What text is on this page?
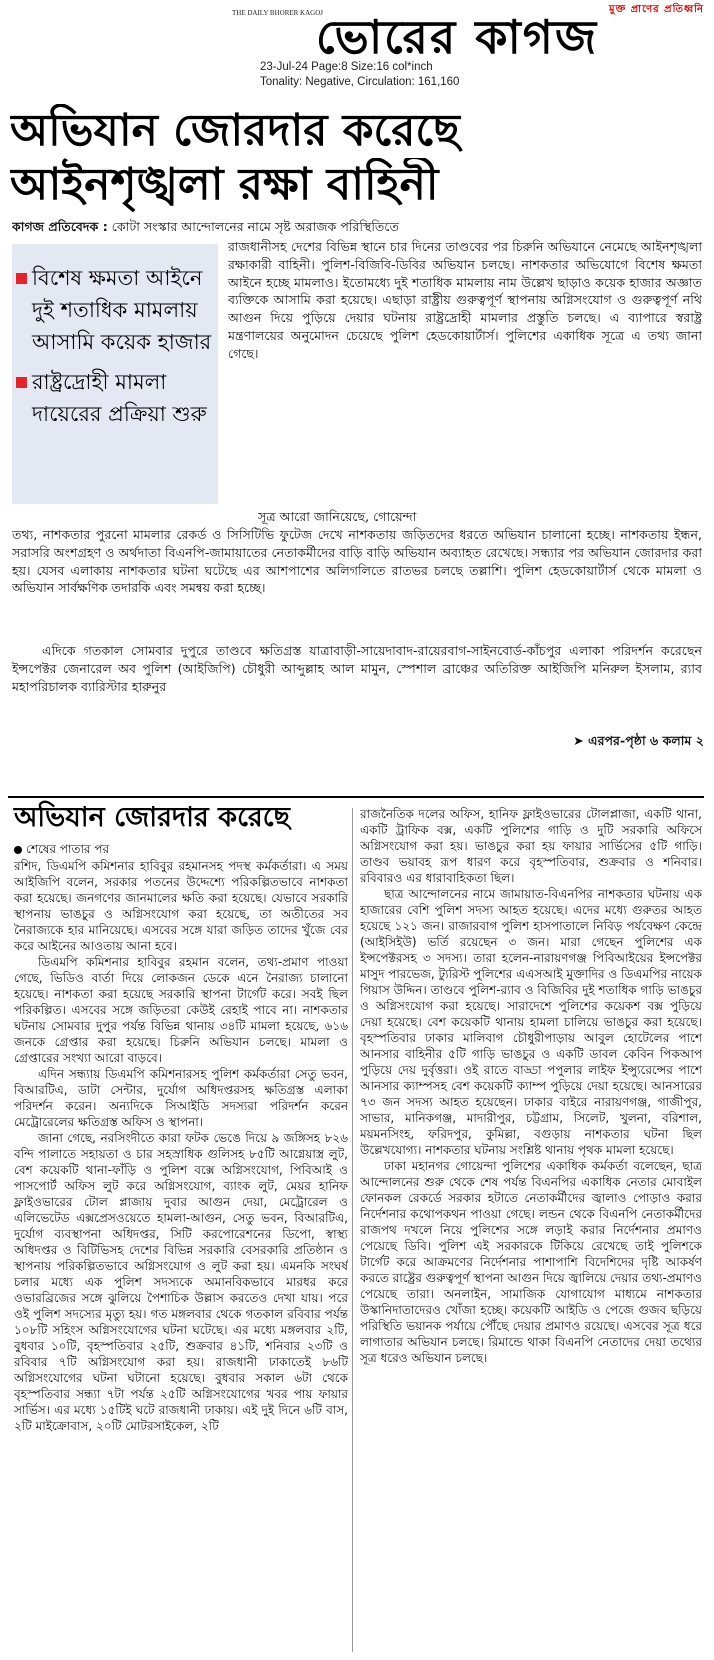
মুক্ত প্রাণের প্রতিধ্বনি
THE DAILY BHORER KAGOJ
ভোরের কাগজ
23-Jul-24 Page:8 Size:16 col*inch
Tonality: Negative, Circulation: 161,160
অভিযান জোরদার করেছে
আইনশৃঙ্খলা রক্ষা বাহিনী
কাগজ প্রতিবেদক : কোটা সংস্কার আন্দোলনের নামে সৃষ্ট অরাজক পরিস্থিতিতে
বিশেষ ক্ষমতা আইনে দুই শতাধিক মামলায় আসামি কয়েক হাজার
রাষ্ট্রদ্রোহী মামলা দায়েরের প্রক্রিয়া শুরু
রাজধানীসহ দেশের বিভিন্ন স্থানে চার দিনের তাণ্ডবের পর চিরুনি অভিযানে নেমেছে আইনশৃঙ্খলা রক্ষাকারী বাহিনী। পুলিশ-বিজিবি-ডিবির অভিযান চলছে। নাশকতার অভিযোগে বিশেষ ক্ষমতা আইনে হচ্ছে মামলাও। ইতোমধ্যে দুই শতাধিক মামলায় নাম উল্লেখ ছাড়াও কয়েক হাজার অজ্ঞাত ব্যক্তিকে আসামি করা হয়েছে। এছাড়া রাষ্ট্রীয় গুরুত্বপূর্ণ স্থাপনায় অগ্নিসংযোগ ও গুরুত্বপূর্ণ নথি আগুন দিয়ে পুড়িয়ে দেয়ার ঘটনায় রাষ্ট্রদ্রোহী মামলার প্রস্তুতি চলছে। এ ব্যাপারে স্বরাষ্ট্র মন্ত্রণালয়ের অনুমোদন চেয়েছে পুলিশ হেডকোয়ার্টার্স। পুলিশের একাধিক সূত্রে এ তথ্য জানা গেছে।
সূত্র আরো জানিয়েছে, গোয়েন্দা
তথ্য, নাশকতার পুরনো মামলার রেকর্ড ও সিসিটিভি ফুটেজ দেখে নাশকতায় জড়িতদের ধরতে অভিযান চালানো হচ্ছে। নাশকতায় ইন্ধন, সরাসরি অংশগ্রহণ ও অর্থদাতা বিএনপি-জামায়াতের নেতাকর্মীদের বাড়ি বাড়ি অভিযান অব্যাহত রেখেছে। সন্ধ্যার পর অভিযান জোরদার করা হয়। যেসব এলাকায় নাশকতার ঘটনা ঘটেছে এর আশপাশের অলিগলিতে রাতভর চলছে তল্লাশি। পুলিশ হেডকোয়ার্টার্স থেকে মামলা ও অভিযান সার্বক্ষণিক তদারকি এবং সমন্বয় করা হচ্ছে।
এদিকে গতকাল সোমবার দুপুরে তাণ্ডবে ক্ষতিগ্রস্ত যাত্রাবাড়ী-সায়েদাবাদ-রায়েরবাগ-সাইনবোর্ড-কাঁচপুর এলাকা পরিদর্শন করেছেন ইন্সপেক্টর জেনারেল অব পুলিশ (আইজিপি) চৌধুরী আব্দুল্লাহ আল মামুন, স্পেশাল ব্রাঞ্চের অতিরিক্ত আইজিপি মনিরুল ইসলাম, র‌্যাব মহাপরিচালক ব্যারিস্টার হারুনুর
➤ এরপর-পৃষ্ঠা ৬ কলাম ২
অভিযান জোরদার করেছে
শেষের পাতার পর

রশিদ, ডিএমপি কমিশনার হাবিবুর রহমানসহ পদস্থ কর্মকর্তারা। এ সময় আইজিপি বলেন, সরকার পতনের উদ্দেশ্যে পরিকল্পিতভাবে নাশকতা করা হয়েছে। জনগণের জানমালের ক্ষতি করা হয়েছে। যেভাবে সরকারি স্থাপনায় ভাঙচুর ও অগ্নিসংযোগ করা হয়েছে, তা অতীতের সব নৈরাজ্যকে হার মানিয়েছে। এসবের সঙ্গে যারা জড়িত তাদের খুঁজে বের করে আইনের আওতায় আনা হবে।

ডিএমপি কমিশনার হাবিবুর রহমান বলেন, তথ্য-প্রমাণ পাওয়া গেছে, ভিডিও বার্তা দিয়ে লোকজন ডেকে এনে নৈরাজ্য চালানো হয়েছে। নাশকতা করা হয়েছে সরকারি স্থাপনা টার্গেট করে। সবই ছিল পরিকল্পিত। এসবের সঙ্গে জড়িতরা কেউই রেহাই পাবে না। নাশকতার ঘটনায় সোমবার দুপুর পর্যন্ত বিভিন্ন থানায় ৩৪টি মামলা হয়েছে, ৬১৬ জনকে গ্রেপ্তার করা হয়েছে। চিরুনি অভিযান চলছে। মামলা ও গ্রেপ্তারের সংখ্যা আরো বাড়বে।

এদিন সন্ধ্যায় ডিএমপি কমিশনারসহ পুলিশ কর্মকর্তারা সেতু ভবন, বিআরটিএ, ডাটা সেন্টার, দুর্যোগ অধিদপ্তরসহ ক্ষতিগ্রস্ত এলাকা পরিদর্শন করেন। অন্যদিকে সিআইডি সদস্যরা পরিদর্শন করেন মেট্রোরেলের ক্ষতিগ্রস্ত অফিস ও স্থাপনা।

জানা গেছে, নরসিংদীতে কারা ফটক ভেঙে দিয়ে ৯ জঙ্গিসহ ৮২৬ বন্দি পালাতে সহায়তা ও চার সহস্রাধিক গুলিসহ ৮৫টি আগ্নেয়াস্ত্র লুট, বেশ কয়েকটি থানা-ফাঁড়ি ও পুলিশ বক্সে অগ্নিসংযোগ, পিবিআই ও পাসপোর্ট অফিস লুট করে অগ্নিসংযোগ, ব্যাংক লুট, মেয়র হানিফ ফ্লাইওভারের টোল প্লাজায় দুবার আগুন দেয়া, মেট্রোরেল ও এলিভেটেড এক্সপ্রেসওয়েতে হামলা-আগুন, সেতু ভবন, বিআরটিএ, দুর্যোগ ব্যবস্থাপনা অধিদপ্তর, সিটি করপোরেশনের ডিপো, স্বাস্থ্য অধিদপ্তর ও বিটিভিসহ দেশের বিভিন্ন সরকারি বেসরকারি প্রতিষ্ঠান ও স্থাপনায় পরিকল্পিতভাবে অগ্নিসংযোগ ও লুট করা হয়। এমনকি সংঘর্ষ চলার মধ্যে এক পুলিশ সদস্যকে অমানবিকভাবে মারধর করে ওভারব্রিজের সঙ্গে ঝুলিয়ে পৈশাচিক উল্লাস করতেও দেখা যায়। পরে ওই পুলিশ সদস্যের মৃত্যু হয়। গত মঙ্গলবার থেকে গতকাল রবিবার পর্যন্ত ১০৮টি সহিংস অগ্নিসংযোগের ঘটনা ঘটেছে। এর মধ্যে মঙ্গলবার ২টি, বুধবার ১০টি, বৃহস্পতিবার ২৫টি, শুক্রবার ৪১টি, শনিবার ২৩টি ও রবিবার ৭টি অগ্নিসংযোগ করা হয়। রাজধানী ঢাকাতেই ৮৬টি অগ্নিসংযোগের ঘটনা ঘটানো হয়েছে। বুধবার সকাল ৬টা থেকে বৃহস্পতিবার সন্ধ্যা ৭টা পর্যন্ত ২৫টি অগ্নিসংযোগের খবর পায় ফায়ার সার্ভিস। এর মধ্যে ১৫টিই ঘটে রাজধানী ঢাকায়। এই দুই দিনে ৬টি বাস, ২টি মাইক্রোবাস, ২০টি মোটরসাইকেল, ২টি

রাজনৈতিক দলের অফিস, হানিফ ফ্লাইওভারের টোলপ্লাজা, একটি থানা, একটি ট্রাফিক বক্স, একটি পুলিশের গাড়ি ও দুটি সরকারি অফিসে অগ্নিসংযোগ করা হয়। ভাঙচুর করা হয় ফায়ার সার্ভিসের ৫টি গাড়ি। তাণ্ডব ভয়াবহ রূপ ধারণ করে বৃহস্পতিবার, শুক্রবার ও শনিবার। রবিবারও এর ধারাবাহিকতা ছিল।

ছাত্র আন্দোলনের নামে জামায়াত-বিএনপির নাশকতার ঘটনায় এক হাজারের বেশি পুলিশ সদস্য আহত হয়েছে। এদের মধ্যে গুরুতর আহত হয়েছে ১২১ জন। রাজারবাগ পুলিশ হাসপাতালে নিবিড় পর্যবেক্ষণ কেন্দ্রে (আইসিইউ) ভর্তি রয়েছেন ৩ জন। মারা গেছেন পুলিশের এক ইন্সপেক্টরসহ ৩ সদস্য। তারা হলেন-নারায়ণগঞ্জ পিবিআইয়ের ইন্সপেক্টর মাসুদ পারভেজ, ট্যুরিস্ট পুলিশের এএসআই মুক্তাদির ও ডিএমপির নায়েক গিয়াস উদ্দিন। তাণ্ডবে পুলিশ-র‌্যাব ও বিজিবির দুই শতাধিক গাড়ি ভাঙচুর ও অগ্নিসংযোগ করা হয়েছে। সারাদেশে পুলিশের কয়েকশ বক্স পুড়িয়ে দেয়া হয়েছে। বেশ কয়েকটি থানায় হামলা চালিয়ে ভাঙচুর করা হয়েছে। বৃহস্পতিবার ঢাকার মালিবাগ চৌধুরীপাড়ায় আবুল হোটেলের পাশে আনসার বাহিনীর ৫টি গাড়ি ভাঙচুর ও একটি ডাবল কেবিন পিকআপ পুড়িয়ে দেয় দুর্বৃত্তরা। ওই রাতে বাড্ডা পপুলার লাইফ ইন্স্যুরেন্সের পাশে আনসার ক্যাম্পসহ বেশ কয়েকটি ক্যাম্প পুড়িয়ে দেয়া হয়েছে। আনসারের ৭৩ জন সদস্য আহত হয়েছেন। ঢাকার বাইরে নারায়ণগঞ্জ, গাজীপুর, সাভার, মানিকগঞ্জ, মাদারীপুর, চট্টগ্রাম, সিলেট, খুলনা, বরিশাল, ময়মনসিংহ, ফরিদপুর, কুমিল্লা, বগুড়ায় নাশকতার ঘটনা ছিল উল্লেখযোগ্য। নাশকতার ঘটনায় সংশ্লিষ্ট থানায় পৃথক মামলা হয়েছে।

ঢাকা মহানগর গোয়েন্দা পুলিশের একাধিক কর্মকর্তা বলেছেন, ছাত্র আন্দোলনের শুরু থেকে শেষ পর্যন্ত বিএনপির একাধিক নেতার মোবাইল ফোনকল রেকর্ডে সরকার হটাতে নেতাকর্মীদের জ্বালাও পোড়াও করার নির্দেশনার কথোপকথন পাওয়া গেছে। লন্ডন থেকে বিএনপি নেতাকর্মীদের রাজপথ দখলে নিয়ে পুলিশের সঙ্গে লড়াই করার নির্দেশনার প্রমাণও পেয়েছে ডিবি। পুলিশ এই সরকারকে টিকিয়ে রেখেছে তাই পুলিশকে টার্গেট করে আক্রমণের নির্দেশনার পাশাপাশি বিদেশিদের দৃষ্টি আকর্ষণ করতে রাষ্ট্রের গুরুত্বপূর্ণ স্থাপনা আগুন দিয়ে জ্বালিয়ে দেয়ার তথ্য-প্রমাণও পেয়েছে তারা। অনলাইন, সামাজিক যোগাযোগ মাধ্যমে নাশকতার উস্কানিদাতাদেরও খোঁজা হচ্ছে। কয়েকটি আইডি ও পেজে গুজব ছড়িয়ে পরিস্থিতি ভয়ানক পর্যায়ে পৌঁছে দেয়ার প্রমাণও রয়েছে। এসবের সূত্র ধরে লাগাতার অভিযান চলছে। রিমান্ডে থাকা বিএনপি নেতাদের দেয়া তথ্যের সূত্র ধরেও অভিযান চলছে।
